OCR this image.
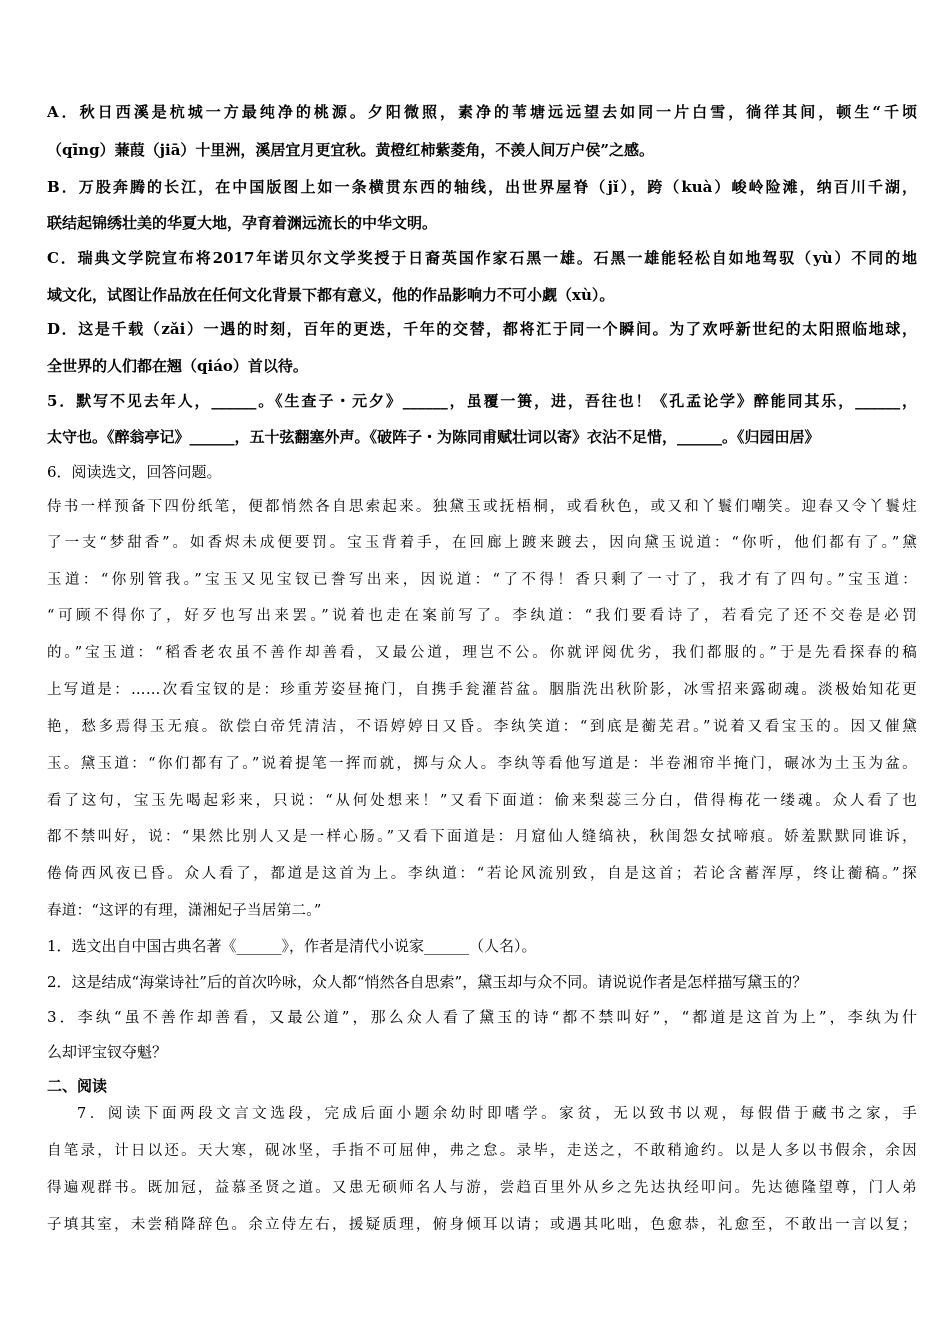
A．秋日西溪是杭城一方最纯净的桃源。夕阳微照，素净的苇塘远远望去如同一片白雪，徜徉其间，顿生“千顷
（qīng）蒹葭（jiā）十里洲，溪居宜月更宜秋。黄橙红柿紫菱角，不羡人间万户侯”之感。
B．万股奔腾的长江，在中国版图上如一条横贯东西的轴线，出世界屋脊（jǐ），跨（kuà）峻岭险滩，纳百川千湖，
联结起锦绣壮美的华夏大地，孕育着渊远流长的中华文明。
C．瑞典文学院宣布将2017年诺贝尔文学奖授于日裔英国作家石黑一雄。石黑一雄能轻松自如地驾驭（yù）不同的地
域文化，试图让作品放在任何文化背景下都有意义，他的作品影响力不可小觑（xù）。
D．这是千载（zǎi）一遇的时刻，百年的更迭，千年的交替，都将汇于同一个瞬间。为了欢呼新世纪的太阳照临地球，
全世界的人们都在翘（qiáo）首以待。
5．默写不见去年人，______。《生查子・元夕》______，虽覆一篑，进，吾往也！《孔孟论学》醉能同其乐，______，
太守也。《醉翁亭记》______，五十弦翻塞外声。《破阵子・为陈同甫赋壮词以寄》衣沾不足惜，______。《归园田居》
6．阅读选文，回答问题。
侍书一样预备下四份纸笔，便都悄然各自思索起来。独黛玉或抚梧桐，或看秋色，或又和丫鬟们嘲笑。迎春又令丫鬟炷
了一支“梦甜香”。如香烬未成便要罚。宝玉背着手，在回廊上踱来踱去，因向黛玉说道：“你听，他们都有了。”黛
玉道：“你别管我。”宝玉又见宝钗已誊写出来，因说道：“了不得！香只剩了一寸了，我才有了四句。”宝玉道：
“可顾不得你了，好歹也写出来罢。”说着也走在案前写了。李纨道：“我们要看诗了，若看完了还不交卷是必罚
的。”宝玉道：“稻香老农虽不善作却善看，又最公道，理岂不公。你就评阅优劣，我们都服的。”于是先看探春的稿
上写道是：……次看宝钗的是：珍重芳姿昼掩门，自携手瓮灌苔盆。胭脂洗出秋阶影，冰雪招来露砌魂。淡极始知花更
艳，愁多焉得玉无痕。欲偿白帝凭清洁，不语婷婷日又昏。李纨笑道：“到底是蘅芜君。”说着又看宝玉的。因又催黛
玉。黛玉道：“你们都有了。”说着提笔一挥而就，掷与众人。李纨等看他写道是：半卷湘帘半掩门，碾冰为土玉为盆。
看了这句，宝玉先喝起彩来，只说：“从何处想来！”又看下面道：偷来梨蕊三分白，借得梅花一缕魂。众人看了也
都不禁叫好，说：“果然比别人又是一样心肠。”又看下面道是：月窟仙人缝缟袂，秋闺怨女拭啼痕。娇羞默默同谁诉，
倦倚西风夜已昏。众人看了，都道是这首为上。李纨道：“若论风流别致，自是这首；若论含蓄浑厚，终让蘅稿。”探
春道：“这评的有理，潇湘妃子当居第二。”
1．选文出自中国古典名著《______》，作者是清代小说家______（人名）。
2．这是结成“海棠诗社”后的首次吟咏，众人都“悄然各自思索”，黛玉却与众不同。请说说作者是怎样描写黛玉的？
3．李纨“虽不善作却善看，又最公道”，那么众人看了黛玉的诗“都不禁叫好”，“都道是这首为上”，李纨为什
么却评宝钗夺魁？
二、阅读
7．阅读下面两段文言文选段，完成后面小题余幼时即嗜学。家贫，无以致书以观，每假借于藏书之家，手
自笔录，计日以还。天大寒，砚冰坚，手指不可屈伸，弗之怠。录毕，走送之，不敢稍逾约。以是人多以书假余，余因
得遍观群书。既加冠，益慕圣贤之道。又患无硕师名人与游，尝趋百里外从乡之先达执经叩问。先达德隆望尊，门人弟
子填其室，未尝稍降辞色。余立侍左右，援疑质理，俯身倾耳以请；或遇其叱咄，色愈恭，礼愈至，不敢出一言以复；
